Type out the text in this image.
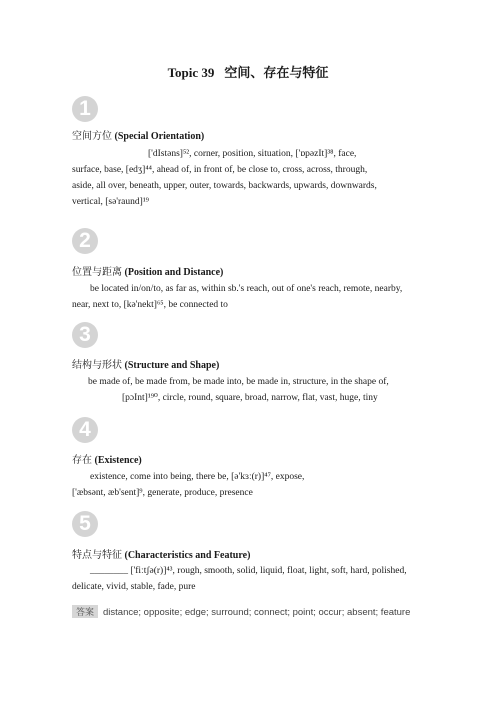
Topic 39 空间、存在与特征
1
空间方位 (Special Orientation)

['dIstəns]⁵², corner, position, situation, ['ɒpəzIt]³⁸, face,

surface, base, [edʒ]⁴⁴, ahead of, in front of, be close to, cross, across, through,

aside, all over, beneath, upper, outer, towards, backwards, upwards, downwards,

vertical, [sə'raund]¹⁹

2
位置与距离 (Position and Distance)

be located in/on/to, as far as, within sb.'s reach, out of one's reach, remote, nearby,

near, next to, [kə'nekt]⁶⁵, be connected to

3
结构与形状 (Structure and Shape)

be made of, be made from, be made into, be made in, structure, in the shape of,

[pɔInt]¹⁹⁰, circle, round, square, broad, narrow, flat, vast, huge, tiny

4
存在 (Existence)

existence, come into being, there be, [ə'kɜː(r)]⁴⁷, expose,

['æbsənt, æb'sent]⁹, generate, produce, presence

5
特点与特征 (Characteristics and Feature)

________ ['fiːtʃə(r)]⁴³, rough, smooth, solid, liquid, float, light, soft, hard, polished,

delicate, vivid, stable, fade, pure

答案 distance; opposite; edge; surround; connect; point; occur; absent; feature
